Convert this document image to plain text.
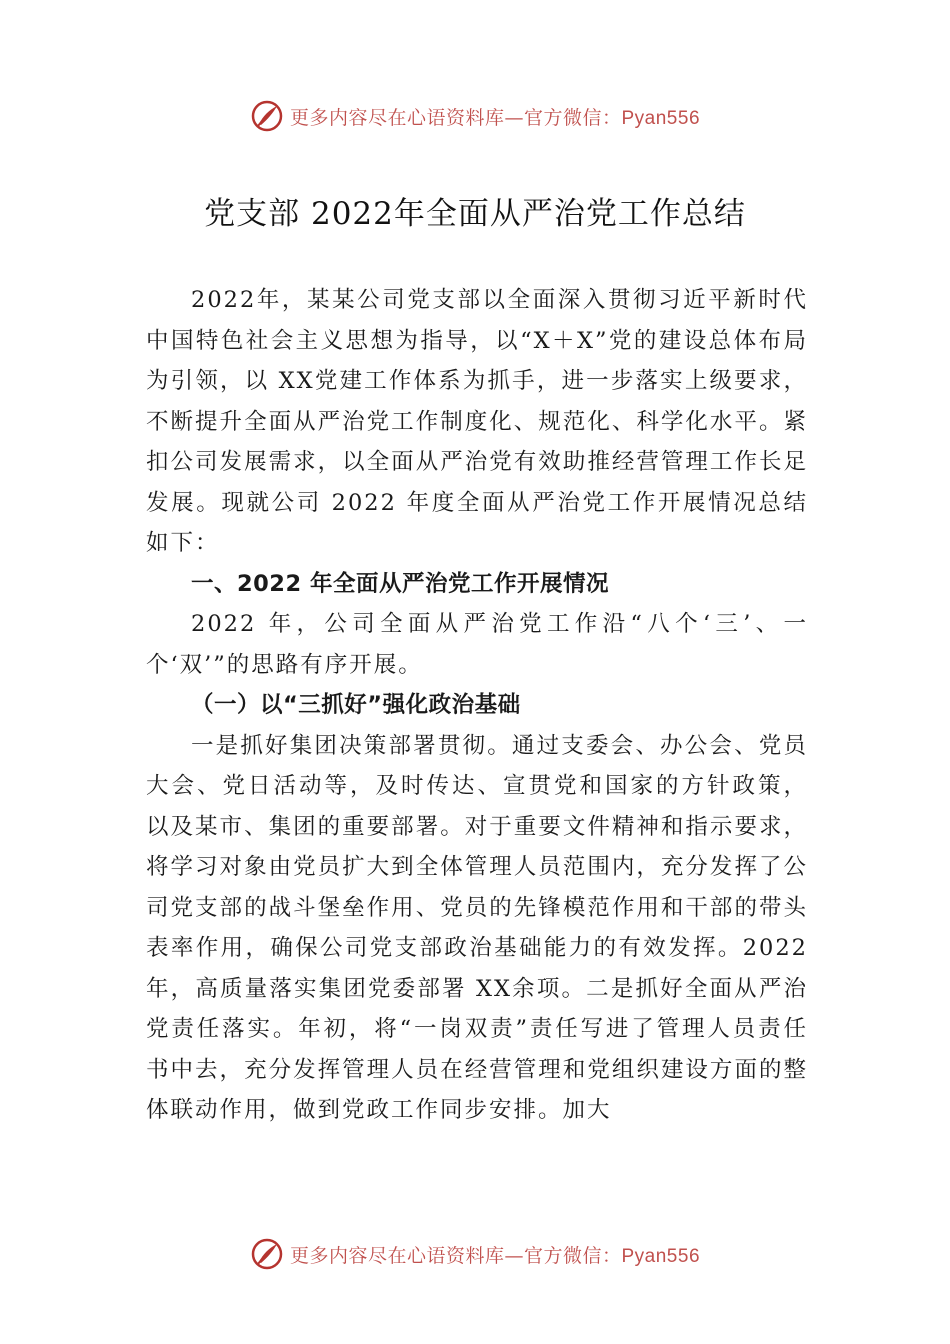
更多内容尽在心语资料库—官方微信：Pyan556
党支部 2022年全面从严治党工作总结

2022年，某某公司党支部以全面深入贯彻习近平新时代中国特色社会主义思想为指导，以“X＋X”党的建设总体布局为引领，以 XX党建工作体系为抓手，进一步落实上级要求，不断提升全面从严治党工作制度化、规范化、科学化水平。紧扣公司发展需求，以全面从严治党有效助推经营管理工作长足发展。现就公司 2022 年度全面从严治党工作开展情况总结如下：

一、2022 年全面从严治党工作开展情况

2022 年，公司全面从严治党工作沿“八个‘三’、一个‘双’”的思路有序开展。

（一）以“三抓好”强化政治基础

一是抓好集团决策部署贯彻。通过支委会、办公会、党员大会、党日活动等，及时传达、宣贯党和国家的方针政策， 以及某市、集团的重要部署。对于重要文件精神和指示要求，将学习对象由党员扩大到全体管理人员范围内，充分发挥了公司党支部的战斗堡垒作用、党员的先锋模范作用和干部的带头表率作用，确保公司党支部政治基础能力的有效发挥。2022年，高质量落实集团党委部署 XX余项。二是抓好全面从严治党责任落实。年初，将“一岗双责”责任写进了管理人员责任书中去，充分发挥管理人员在经营管理和党组织建设方面的整体联动作用，做到党政工作同步安排。加大

更多内容尽在心语资料库—官方微信：Pyan556
